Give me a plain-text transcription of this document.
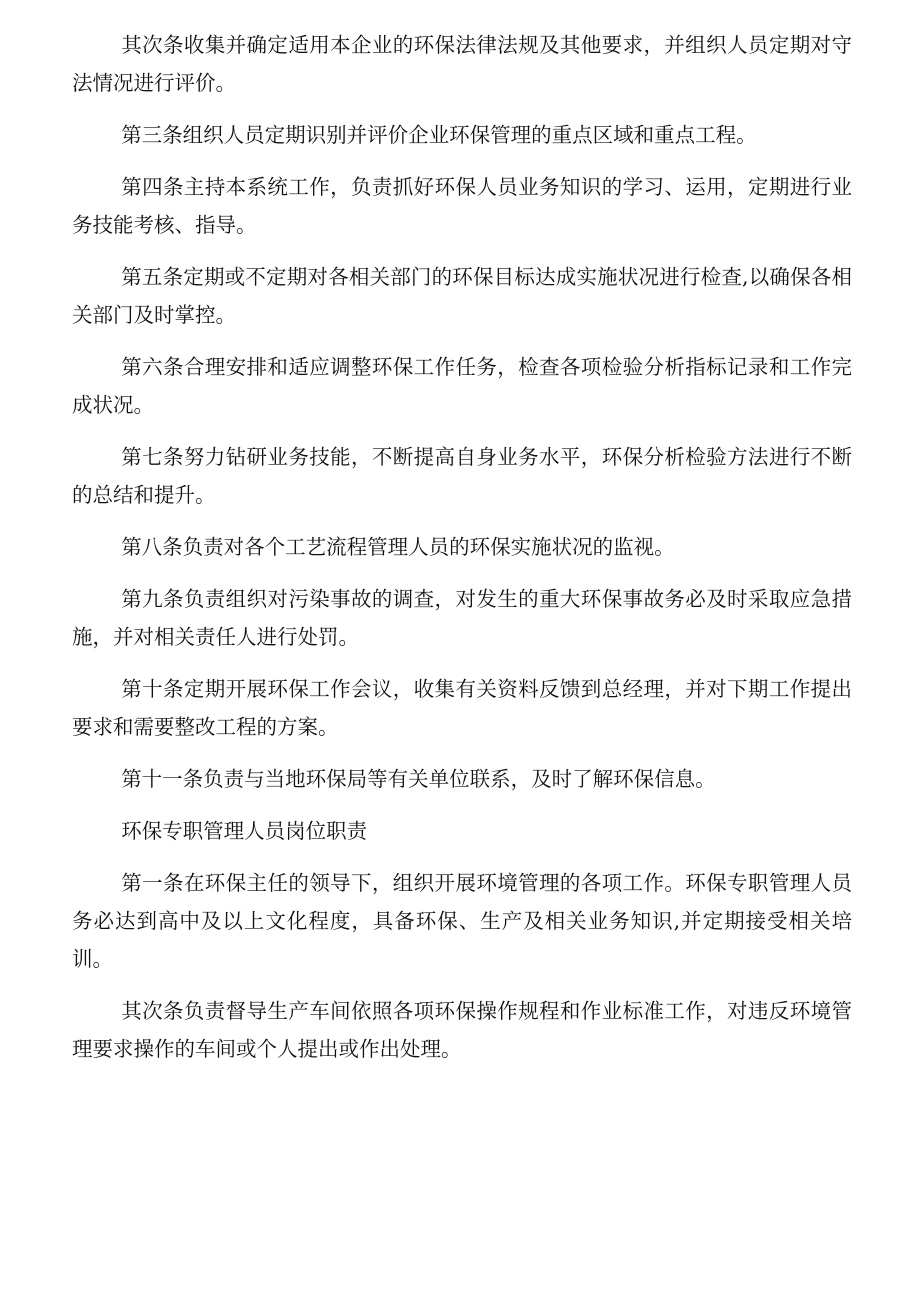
其次条收集并确定适用本企业的环保法律法规及其他要求，并组织人员定期对守法情况进行评价。

第三条组织人员定期识别并评价企业环保管理的重点区域和重点工程。

第四条主持本系统工作，负责抓好环保人员业务知识的学习、运用，定期进行业务技能考核、指导。

第五条定期或不定期对各相关部门的环保目标达成实施状况进行检查,以确保各相关部门及时掌控。

第六条合理安排和适应调整环保工作任务，检查各项检验分析指标记录和工作完成状况。

第七条努力钻研业务技能，不断提高自身业务水平，环保分析检验方法进行不断的总结和提升。

第八条负责对各个工艺流程管理人员的环保实施状况的监视。

第九条负责组织对污染事故的调查，对发生的重大环保事故务必及时采取应急措施，并对相关责任人进行处罚。

第十条定期开展环保工作会议，收集有关资料反馈到总经理，并对下期工作提出要求和需要整改工程的方案。

第十一条负责与当地环保局等有关单位联系，及时了解环保信息。

环保专职管理人员岗位职责

第一条在环保主任的领导下，组织开展环境管理的各项工作。环保专职管理人员务必达到高中及以上文化程度，具备环保、生产及相关业务知识,并定期接受相关培训。

其次条负责督导生产车间依照各项环保操作规程和作业标准工作，对违反环境管理要求操作的车间或个人提出或作出处理。
